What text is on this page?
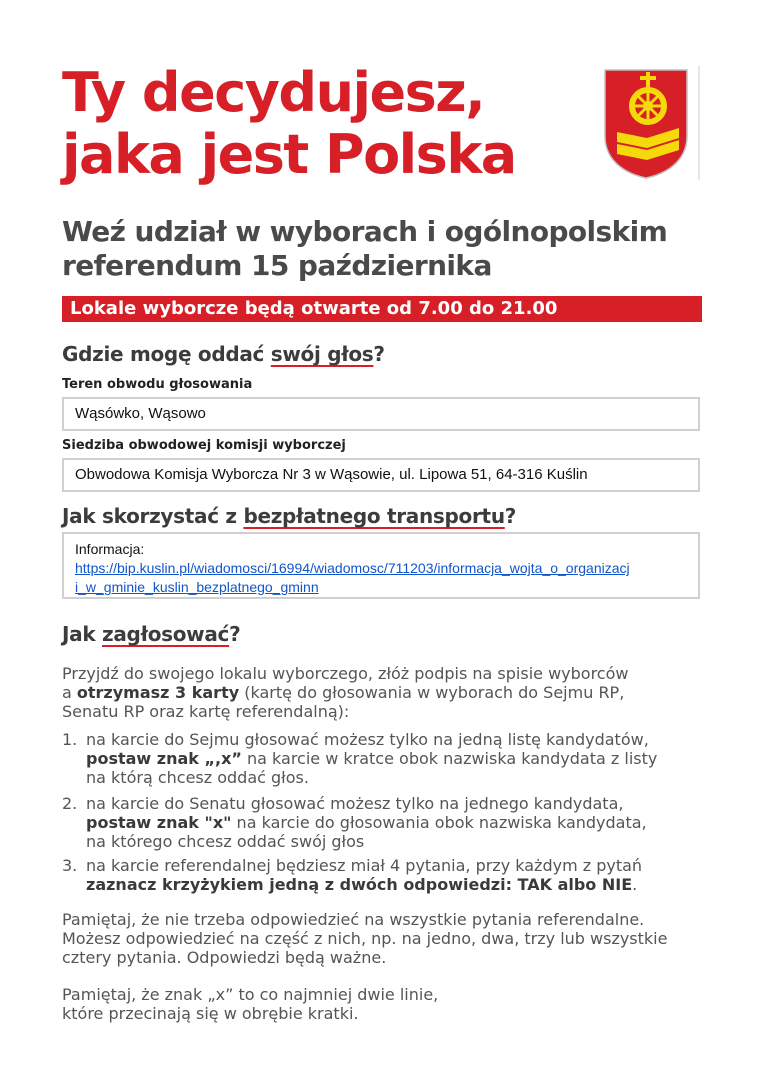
Ty decydujesz,
jaka jest Polska
Weź udział w wyborach i ogólnopolskim
referendum 15 października
Lokale wyborcze będą otwarte od 7.00 do 21.00
Gdzie mogę oddać swój głos?
Teren obwodu głosowania
Wąsówko, Wąsowo
Siedziba obwodowej komisji wyborczej
Obwodowa Komisja Wyborcza Nr 3 w Wąsowie, ul. Lipowa 51, 64-316 Kuślin
Jak skorzystać z bezpłatnego transportu?
Informacja:
https://bip.kuslin.pl/wiadomosci/16994/wiadomosc/711203/informacja_wojta_o_organizacj
i_w_gminie_kuslin_bezplatnego_gminn
Jak zagłosować?
Przyjdź do swojego lokalu wyborczego, złóż podpis na spisie wyborców
a otrzymasz 3 karty (kartę do głosowania w wyborach do Sejmu RP,
Senatu RP oraz kartę referendalną):
1. na karcie do Sejmu głosować możesz tylko na jedną listę kandydatów,
postaw znak „,x” na karcie w kratce obok nazwiska kandydata z listy
na którą chcesz oddać głos.
2. na karcie do Senatu głosować możesz tylko na jednego kandydata,
postaw znak "x" na karcie do głosowania obok nazwiska kandydata,
na którego chcesz oddać swój głos
3. na karcie referendalnej będziesz miał 4 pytania, przy każdym z pytań
zaznacz krzyżykiem jedną z dwóch odpowiedzi: TAK albo NIE.
Pamiętaj, że nie trzeba odpowiedzieć na wszystkie pytania referendalne.
Możesz odpowiedzieć na część z nich, np. na jedno, dwa, trzy lub wszystkie
cztery pytania. Odpowiedzi będą ważne.
Pamiętaj, że znak „x” to co najmniej dwie linie,
które przecinają się w obrębie kratki.
